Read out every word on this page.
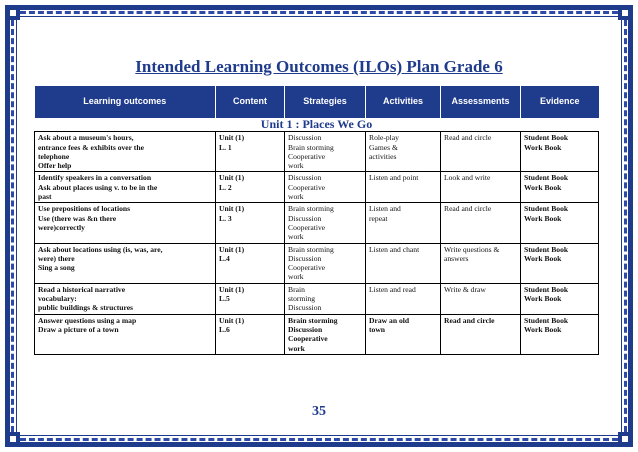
Intended Learning Outcomes (ILOs) Plan Grade 6
Learning outcomes	Content	Strategies	Activities	Assessments	Evidence
Unit 1 : Places We Go					

Ask about a museum's hours,
entrance fees & exhibits over the
telephone
Offer help	Unit (1)
L. 1	Discussion
Brain storming
Cooperative
work	Role-play
Games &
activities	Read and circle	Student Book
Work Book

Identify speakers in a conversation
Ask about places using v. to be in the
past	Unit (1)
L. 2	Discussion
Cooperative
work	Listen and point	Look and write	Student Book
Work Book

Use prepositions of locations
Use (there was &n there
were)correctly	Unit (1)
L. 3	Brain storming
Discussion
Cooperative
work	Listen and
repeat	Read and circle	Student Book
Work Book

Ask about locations using (is, was, are,
were) there
Sing a song	Unit (1)
L.4	Brain storming
Discussion
Cooperative
work	Listen and chant	Write questions &
answers	Student Book
Work Book

Read a historical narrative
vocabulary:
public buildings & structures	Unit (1)
L.5	Brain
storming
Discussion	Listen and read	Write & draw	Student Book
Work Book

Answer questions using a map
Draw a picture of a town	Unit (1)
L.6	Brain storming
Discussion
Cooperative
work	Draw an old
town	Read and circle	Student Book
Work Book
35
